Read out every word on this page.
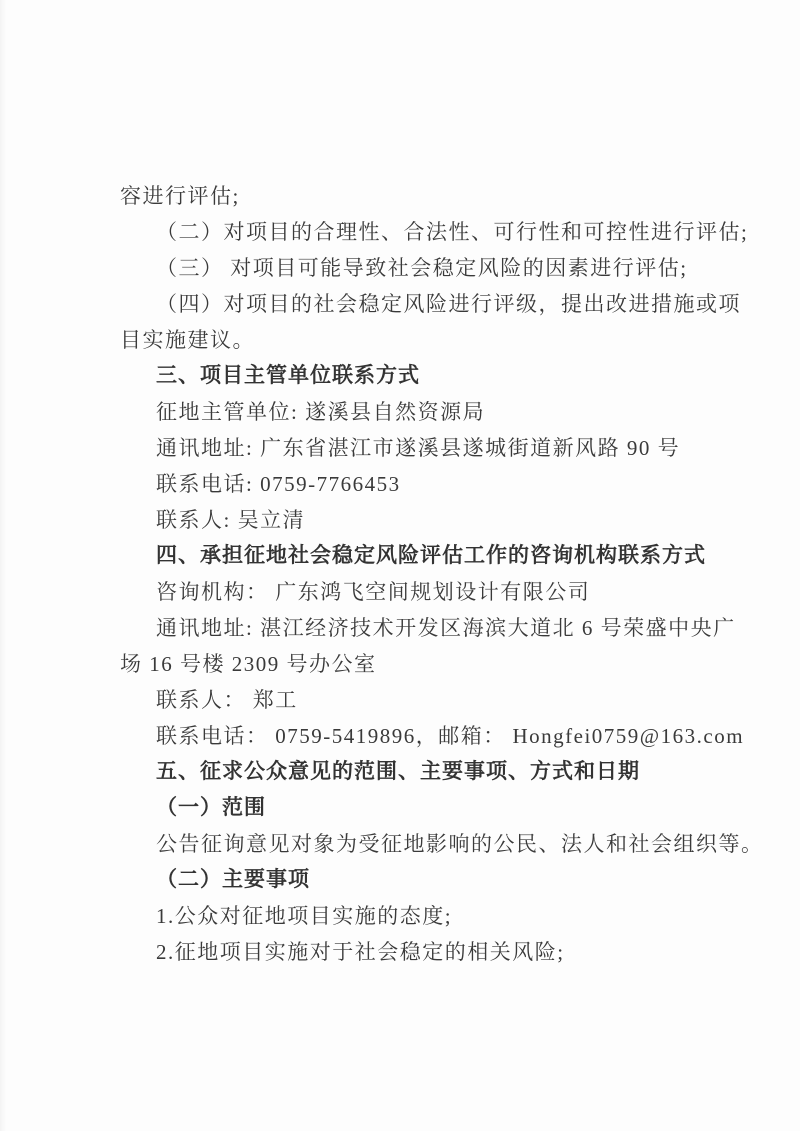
容进行评估;

（二）对项目的合理性、合法性、可行性和可控性进行评估;

（三） 对项目可能导致社会稳定风险的因素进行评估;

（四）对项目的社会稳定风险进行评级，提出改进措施或项

目实施建议。

三、项目主管单位联系方式

征地主管单位: 遂溪县自然资源局

通讯地址: 广东省湛江市遂溪县遂城街道新风路 90 号

联系电话: 0759-7766453

联系人: 吴立清

四、承担征地社会稳定风险评估工作的咨询机构联系方式

咨询机构： 广东鸿飞空间规划设计有限公司

通讯地址: 湛江经济技术开发区海滨大道北 6 号荣盛中央广

场 16 号楼 2309 号办公室

联系人： 郑工

联系电话： 0759-5419896，邮箱： Hongfei0759@163.com

五、征求公众意见的范围、主要事项、方式和日期

（一）范围

公告征询意见对象为受征地影响的公民、法人和社会组织等。

（二）主要事项

1.公众对征地项目实施的态度;

2.征地项目实施对于社会稳定的相关风险;
